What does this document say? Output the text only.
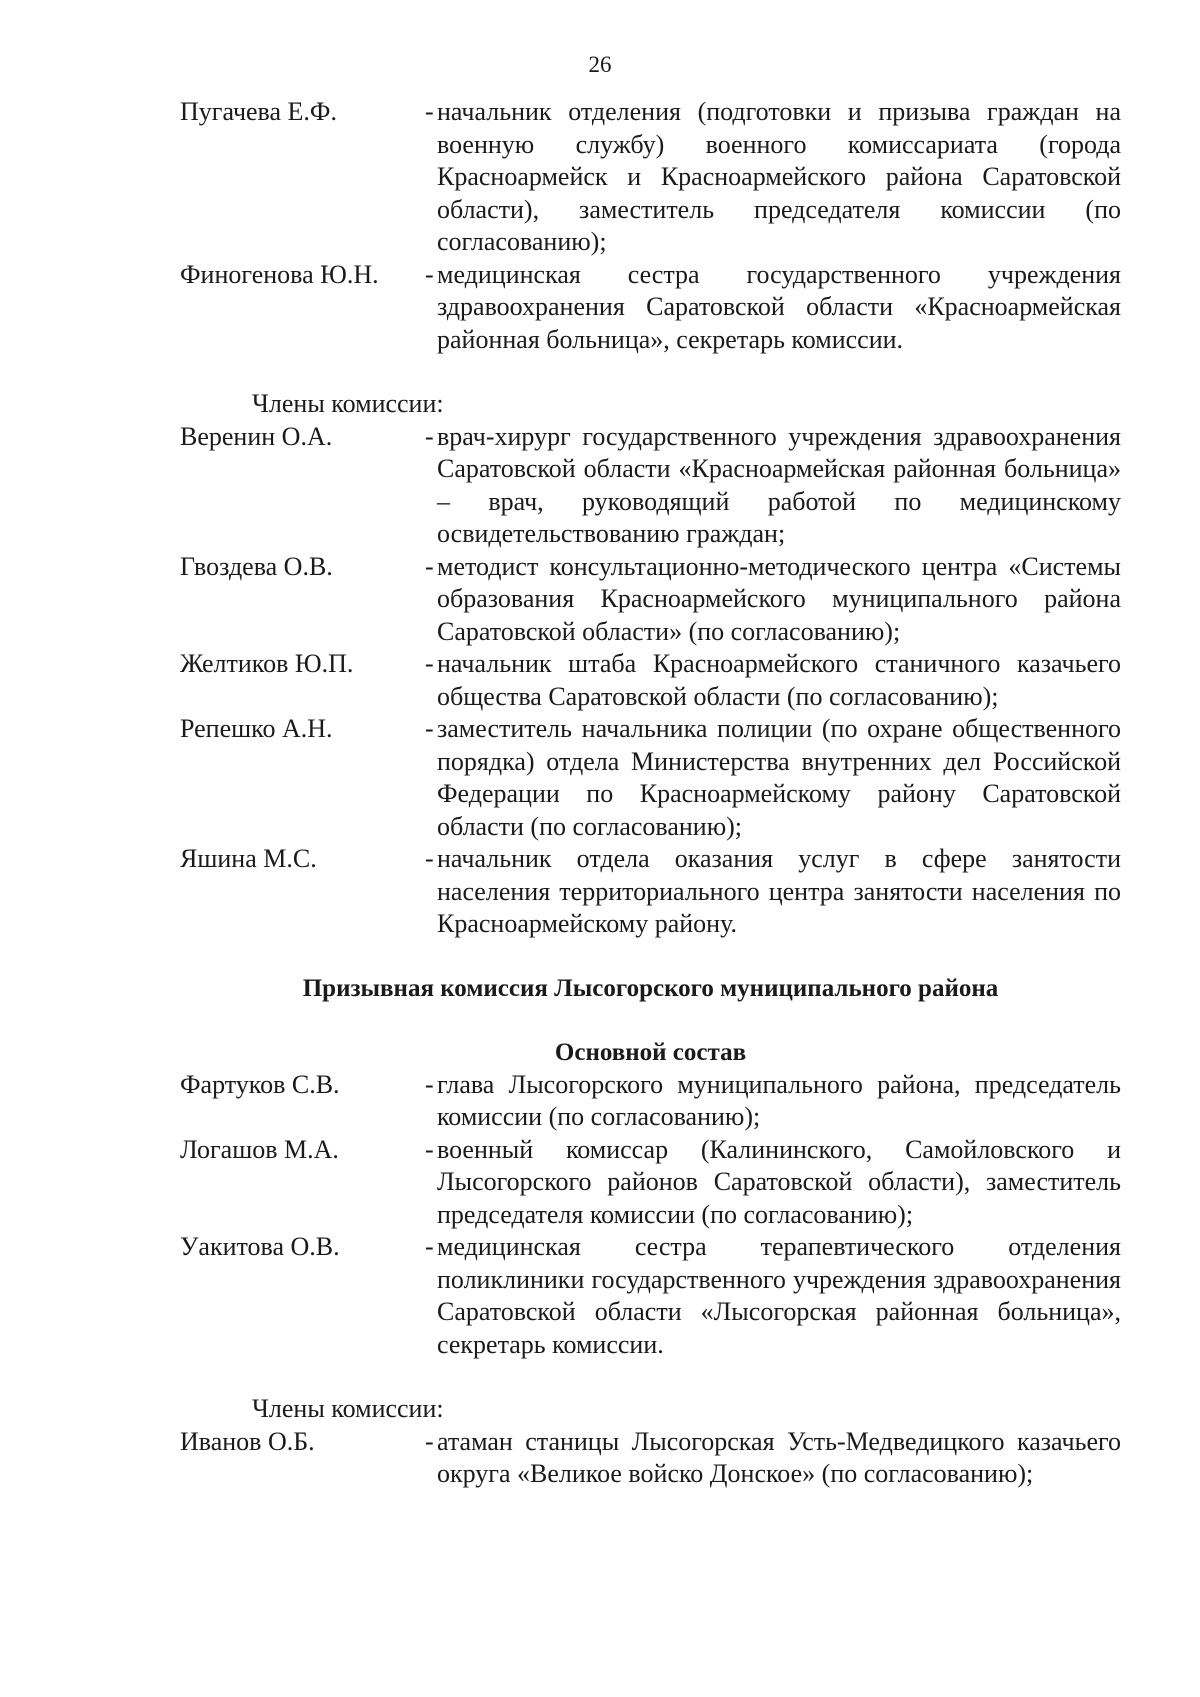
26
Пугачева Е.Ф.	- начальник отделения (подготовки и призыва граждан на военную службу) военного комиссариата (города Красноармейск и Красноармейского района Саратовской области), заместитель председателя комиссии (по согласованию);
Финогенова Ю.Н.	- медицинская сестра государственного учреждения здравоохранения Саратовской области «Красноармейская районная больница», секретарь комиссии.
Члены комиссии:
Веренин О.А.	- врач-хирург государственного учреждения здравоохранения Саратовской области «Красноармейская районная больница» – врач, руководящий работой по медицинскому освидетельствованию граждан;
Гвоздева О.В.	- методист консультационно-методического центра «Системы образования Красноармейского муниципального района Саратовской области» (по согласованию);
Желтиков Ю.П.	- начальник штаба Красноармейского станичного казачьего общества Саратовской области (по согласованию);
Репешко А.Н.	- заместитель начальника полиции (по охране общественного порядка) отдела Министерства внутренних дел Российской Федерации по Красноармейскому району Саратовской области (по согласованию);
Яшина М.С.	- начальник отдела оказания услуг в сфере занятости населения территориального центра занятости населения по Красноармейскому району.
Призывная комиссия Лысогорского муниципального района
Основной состав
Фартуков С.В.	- глава Лысогорского муниципального района, председатель комиссии (по согласованию);
Логашов М.А.	- военный комиссар (Калининского, Самойловского и Лысогорского районов Саратовской области), заместитель председателя комиссии (по согласованию);
Уакитова О.В.	- медицинская сестра терапевтического отделения поликлиники государственного учреждения здравоохранения Саратовской области «Лысогорская районная больница», секретарь комиссии.
Члены комиссии:
Иванов О.Б.	- атаман станицы Лысогорская Усть-Медведицкого казачьего округа «Великое войско Донское» (по согласованию);
